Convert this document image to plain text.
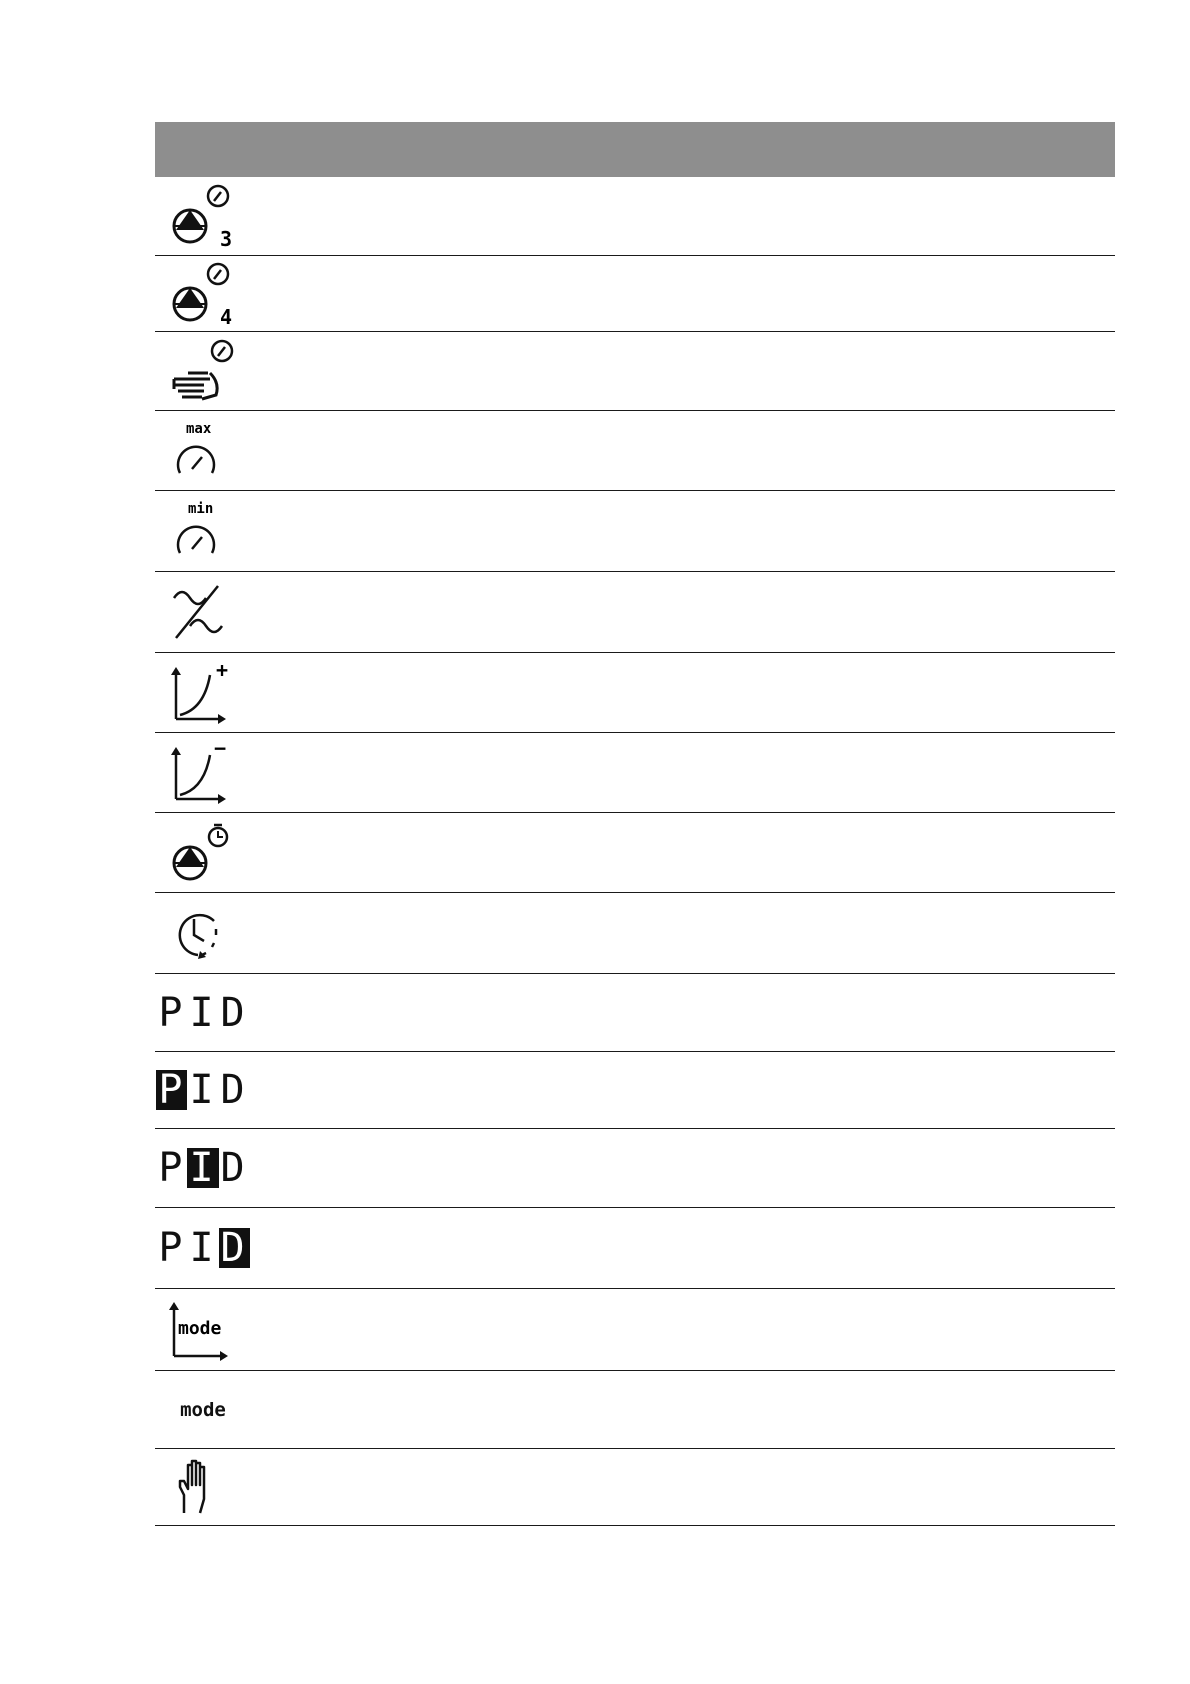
3
4
max
min
+
−
P I D
P I D
P I D
P I D
mode
mode
